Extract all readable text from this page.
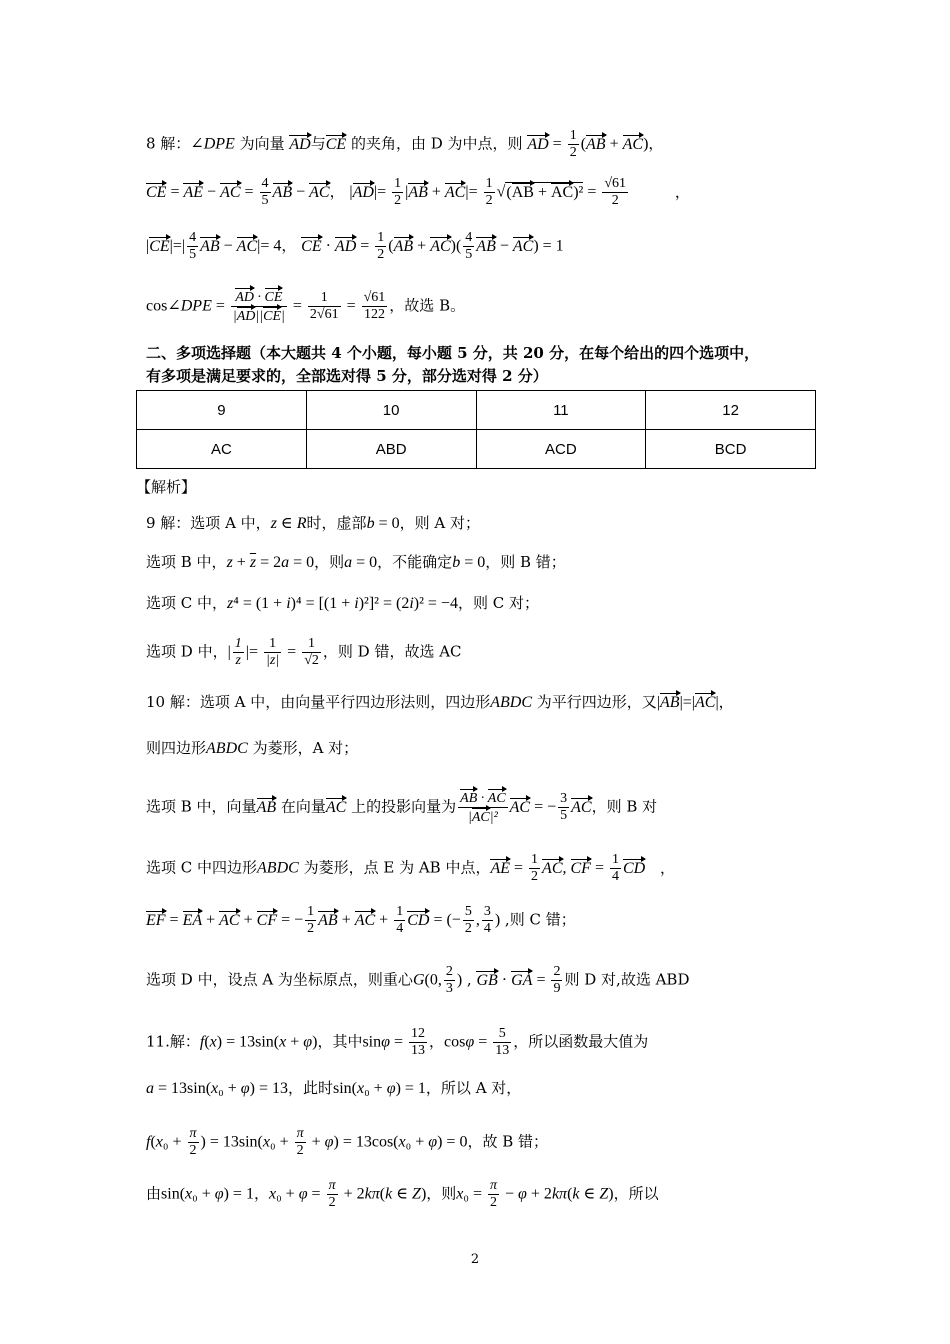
8 解：∠DPE 为向量 AD与CE 的夹角，由 D 为中点，则 AD = $\frac{1}{2} (AB + AC)$，
CE = AE − AC = $\frac{4}{5}$ AB − AC， $|AD|= \frac{1}{2} |AB + AC|= \frac{1}{2} √(AB + AC)^2 = \frac{√61}{2}$	，
$|CE|=| \frac{4}{5}$ AB − AC|= 4， CE · AD = $\frac{1}{2} (AB + AC)( \frac{4}{5}$ AB − AC) = 1
cos∠DPE = $\frac{AD \cdot CE}{|AD||CE|} = \frac{1}{2√61} = \frac{√61}{122}$ ，故选 B。
二、多项选择题（本大题共 4 个小题，每小题 5 分，共 20 分，在每个给出的四个选项中，
有多项是满足要求的，全部选对得 5 分，部分选对得 2 分）
9	10	11	12
AC	ABD	ACD	BCD
【解析】
9 解：选项 A 中，z ∈ R时，虚部b = 0，则 A 对；
选项 B 中，$z + \overline{z} = 2a = 0$，则a = 0，不能确定b = 0，则 B 错；
选项 C 中，z⁴ = (1 + i)⁴ = [(1 + i)²]² = (2i)² = −4，则 C 对；
选项 D 中，| $\frac{1}{z}$ |= $\frac{1}{|z|} = \frac{1}{√2}$ ，则 D 错，故选 AC
10 解：选项 A 中，由向量平行四边形法则，四边形ABDC 为平行四边形，又|AB|=|AC|，
则四边形ABDC 为菱形，A 对；
选项 B 中，向量AB 在向量AC 上的投影向量为 $\frac{AB \cdot AC}{\text{|AC|²}}$ AC = − $\frac{3}{5}$ AC，则 B 对
选项 C 中四边形ABDC 为菱形，点 E 为 AB 中点，AE = $\frac{1}{2}$ AC, CF = $\frac{1}{4}$ CD ，
EF = EA + AC + CF = − $\frac{1}{2}$ AB + AC + $\frac{1}{4}$ CD = (− $\frac{5}{2}$ , $\frac{3}{4}$ ) ,则 C 错；
选项 D 中，设点 A 为坐标原点，则重心G(0, $\frac{2}{3}$ ) , GB · GA = $\frac{2}{9}$ 则 D 对,故选 ABD
11.解：f(x) = 13sin(x + φ)，其中$\sin\varphi = \frac{12}{13}$ ，$\cos\varphi = \frac{5}{13}$ ，所以函数最大值为
a = 13sin(x₀ + φ) = 13，此时sin(x₀ + φ) = 1，所以 A 对，
$f(x_0 + \frac{\pi}{2}$ ) = $13\sin(x_0 + \frac{\pi}{2} + \varphi) = 13\cos(x_0 + \varphi) = 0$，故 B 错；
由sin(x₀ + φ) = 1，$x_0 + \varphi = \frac{\pi}{2} + 2k\pi(k$ ∈ Z)，则$x_0 = \frac{\pi}{2} - \varphi + 2k\pi(k$ ∈ Z)，所以
2
